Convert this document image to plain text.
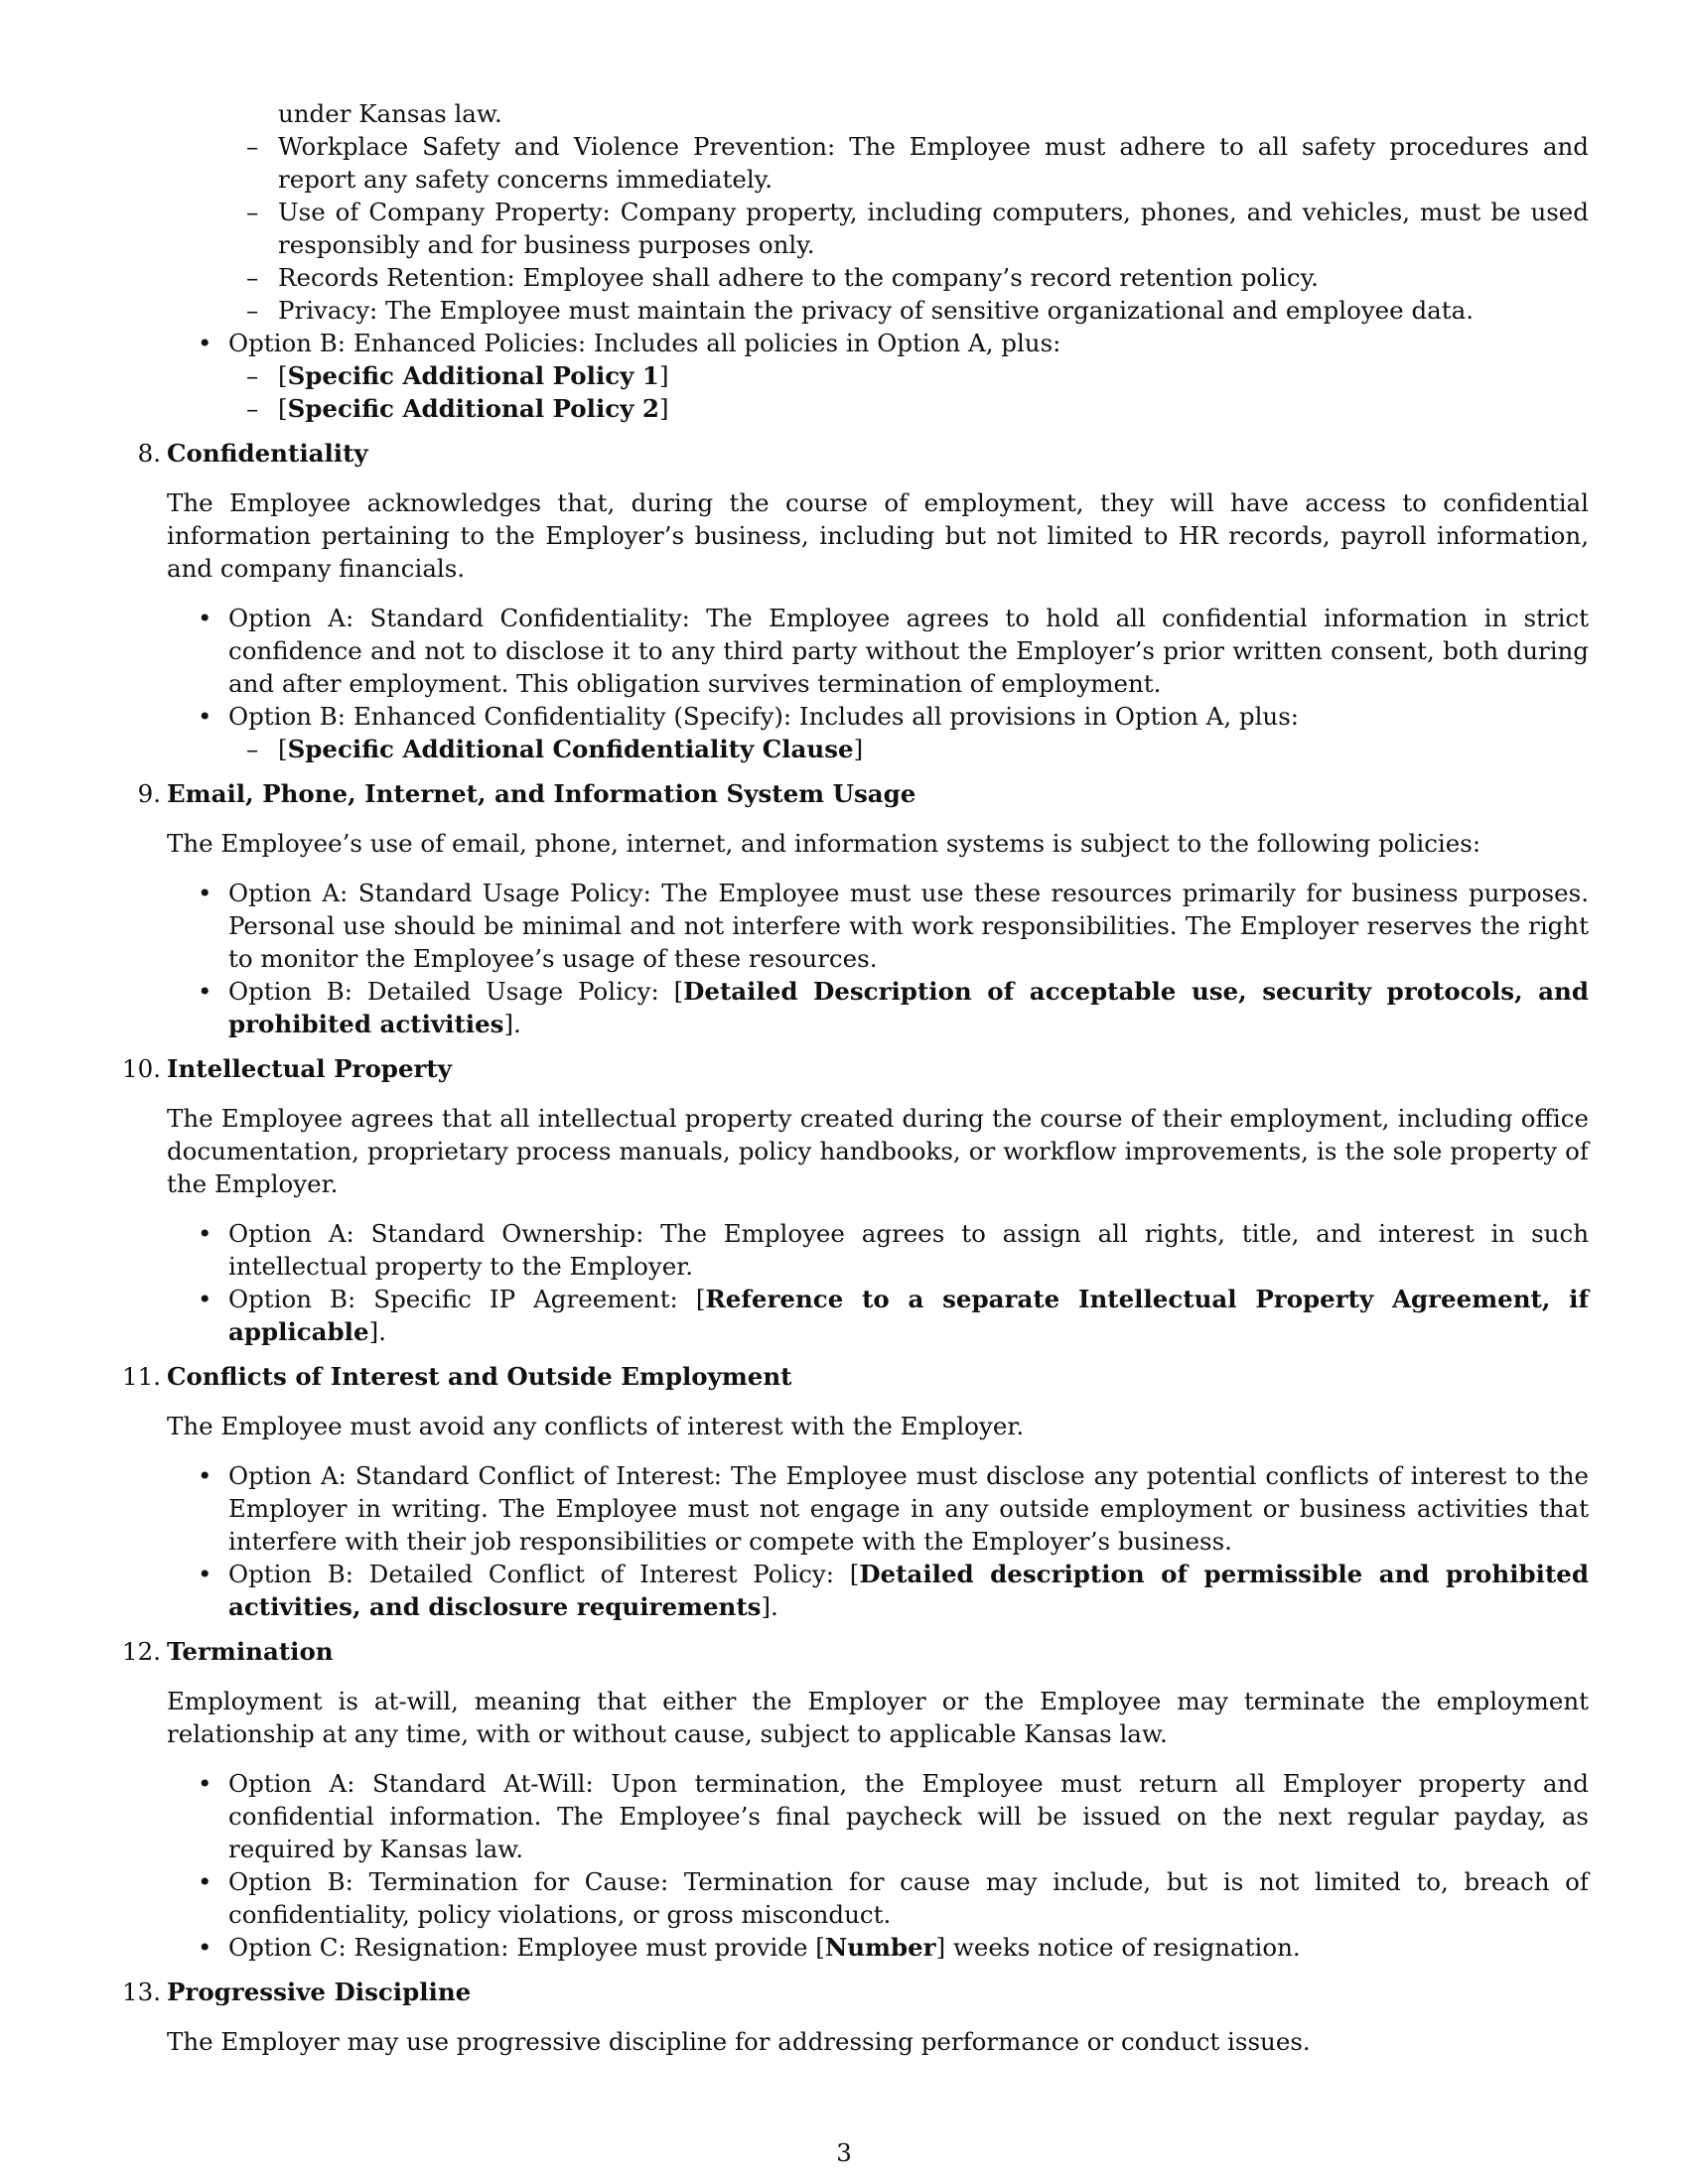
under Kansas law.
– Workplace Safety and Violence Prevention: The Employee must adhere to all safety procedures and report any safety concerns immediately.
– Use of Company Property: Company property, including computers, phones, and vehicles, must be used responsibly and for business purposes only.
– Records Retention: Employee shall adhere to the company’s record retention policy.
– Privacy: The Employee must maintain the privacy of sensitive organizational and employee data.
• Option B: Enhanced Policies: Includes all policies in Option A, plus:
– [Specific Additional Policy 1]
– [Specific Additional Policy 2]
8. Confidentiality
The Employee acknowledges that, during the course of employment, they will have access to confidential information pertaining to the Employer’s business, including but not limited to HR records, payroll information, and company financials.
• Option A: Standard Confidentiality: The Employee agrees to hold all confidential information in strict confidence and not to disclose it to any third party without the Employer’s prior written consent, both during and after employment. This obligation survives termination of employment.
• Option B: Enhanced Confidentiality (Specify): Includes all provisions in Option A, plus:
– [Specific Additional Confidentiality Clause]
9. Email, Phone, Internet, and Information System Usage
The Employee’s use of email, phone, internet, and information systems is subject to the following policies:
• Option A: Standard Usage Policy: The Employee must use these resources primarily for business purposes. Personal use should be minimal and not interfere with work responsibilities. The Employer reserves the right to monitor the Employee’s usage of these resources.
• Option B: Detailed Usage Policy: [Detailed Description of acceptable use, security protocols, and prohibited activities].
10. Intellectual Property
The Employee agrees that all intellectual property created during the course of their employment, including office documentation, proprietary process manuals, policy handbooks, or workflow improvements, is the sole property of the Employer.
• Option A: Standard Ownership: The Employee agrees to assign all rights, title, and interest in such intellectual property to the Employer.
• Option B: Specific IP Agreement: [Reference to a separate Intellectual Property Agreement, if applicable].
11. Conflicts of Interest and Outside Employment
The Employee must avoid any conflicts of interest with the Employer.
• Option A: Standard Conflict of Interest: The Employee must disclose any potential conflicts of interest to the Employer in writing. The Employee must not engage in any outside employment or business activities that interfere with their job responsibilities or compete with the Employer’s business.
• Option B: Detailed Conflict of Interest Policy: [Detailed description of permissible and prohibited activities, and disclosure requirements].
12. Termination
Employment is at-will, meaning that either the Employer or the Employee may terminate the employment relationship at any time, with or without cause, subject to applicable Kansas law.
• Option A: Standard At-Will: Upon termination, the Employee must return all Employer property and confidential information. The Employee’s final paycheck will be issued on the next regular payday, as required by Kansas law.
• Option B: Termination for Cause: Termination for cause may include, but is not limited to, breach of confidentiality, policy violations, or gross misconduct.
• Option C: Resignation: Employee must provide [Number] weeks notice of resignation.
13. Progressive Discipline
The Employer may use progressive discipline for addressing performance or conduct issues.
3
